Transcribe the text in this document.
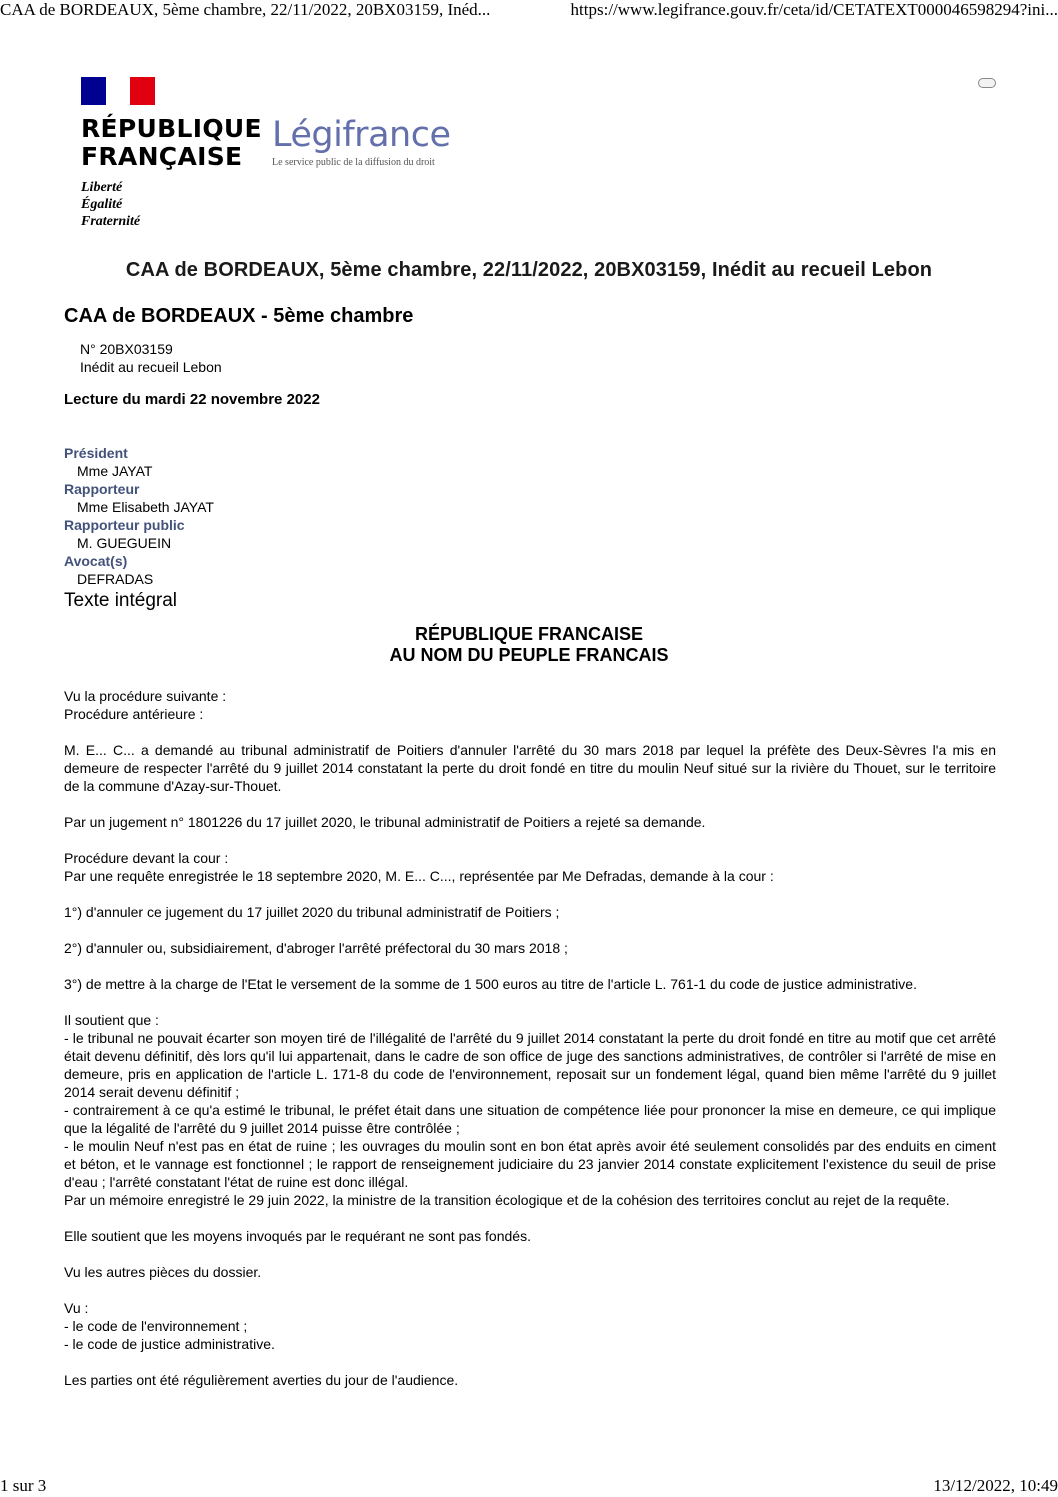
CAA de BORDEAUX, 5ème chambre, 22/11/2022, 20BX03159, Inéd...	https://www.legifrance.gouv.fr/ceta/id/CETATEXT000046598294?ini...
RÉPUBLIQUE
FRANÇAISE
Liberté
Égalité
Fraternité
Légifrance
Le service public de la diffusion du droit
CAA de BORDEAUX, 5ème chambre, 22/11/2022, 20BX03159, Inédit au recueil Lebon
CAA de BORDEAUX - 5ème chambre
N° 20BX03159
Inédit au recueil Lebon
Lecture du mardi 22 novembre 2022
Président
Mme JAYAT
Rapporteur
Mme Elisabeth JAYAT
Rapporteur public
M. GUEGUEIN
Avocat(s)
DEFRADAS
Texte intégral
RÉPUBLIQUE FRANCAISE
AU NOM DU PEUPLE FRANCAIS

Vu la procédure suivante :
Procédure antérieure :

M. E... C... a demandé au tribunal administratif de Poitiers d'annuler l'arrêté du 30 mars 2018 par lequel la préfète des Deux-Sèvres l'a mis en demeure de respecter l'arrêté du 9 juillet 2014 constatant la perte du droit fondé en titre du moulin Neuf situé sur la rivière du Thouet, sur le territoire de la commune d'Azay-sur-Thouet.

Par un jugement n° 1801226 du 17 juillet 2020, le tribunal administratif de Poitiers a rejeté sa demande.

Procédure devant la cour :
Par une requête enregistrée le 18 septembre 2020, M. E... C..., représentée par Me Defradas, demande à la cour :

1°) d'annuler ce jugement du 17 juillet 2020 du tribunal administratif de Poitiers ;

2°) d'annuler ou, subsidiairement, d'abroger l'arrêté préfectoral du 30 mars 2018 ;

3°) de mettre à la charge de l'Etat le versement de la somme de 1 500 euros au titre de l'article L. 761-1 du code de justice administrative.

Il soutient que :
- le tribunal ne pouvait écarter son moyen tiré de l'illégalité de l'arrêté du 9 juillet 2014 constatant la perte du droit fondé en titre au motif que cet arrêté était devenu définitif, dès lors qu'il lui appartenait, dans le cadre de son office de juge des sanctions administratives, de contrôler si l'arrêté de mise en demeure, pris en application de l'article L. 171-8 du code de l'environnement, reposait sur un fondement légal, quand bien même l'arrêté du 9 juillet 2014 serait devenu définitif ;
- contrairement à ce qu'a estimé le tribunal, le préfet était dans une situation de compétence liée pour prononcer la mise en demeure, ce qui implique que la légalité de l'arrêté du 9 juillet 2014 puisse être contrôlée ;
- le moulin Neuf n'est pas en état de ruine ; les ouvrages du moulin sont en bon état après avoir été seulement consolidés par des enduits en ciment et béton, et le vannage est fonctionnel ; le rapport de renseignement judiciaire du 23 janvier 2014 constate explicitement l'existence du seuil de prise d'eau ; l'arrêté constatant l'état de ruine est donc illégal.
Par un mémoire enregistré le 29 juin 2022, la ministre de la transition écologique et de la cohésion des territoires conclut au rejet de la requête.

Elle soutient que les moyens invoqués par le requérant ne sont pas fondés.

Vu les autres pièces du dossier.

Vu :
- le code de l'environnement ;
- le code de justice administrative.

Les parties ont été régulièrement averties du jour de l'audience.

1 sur 3	13/12/2022, 10:49
